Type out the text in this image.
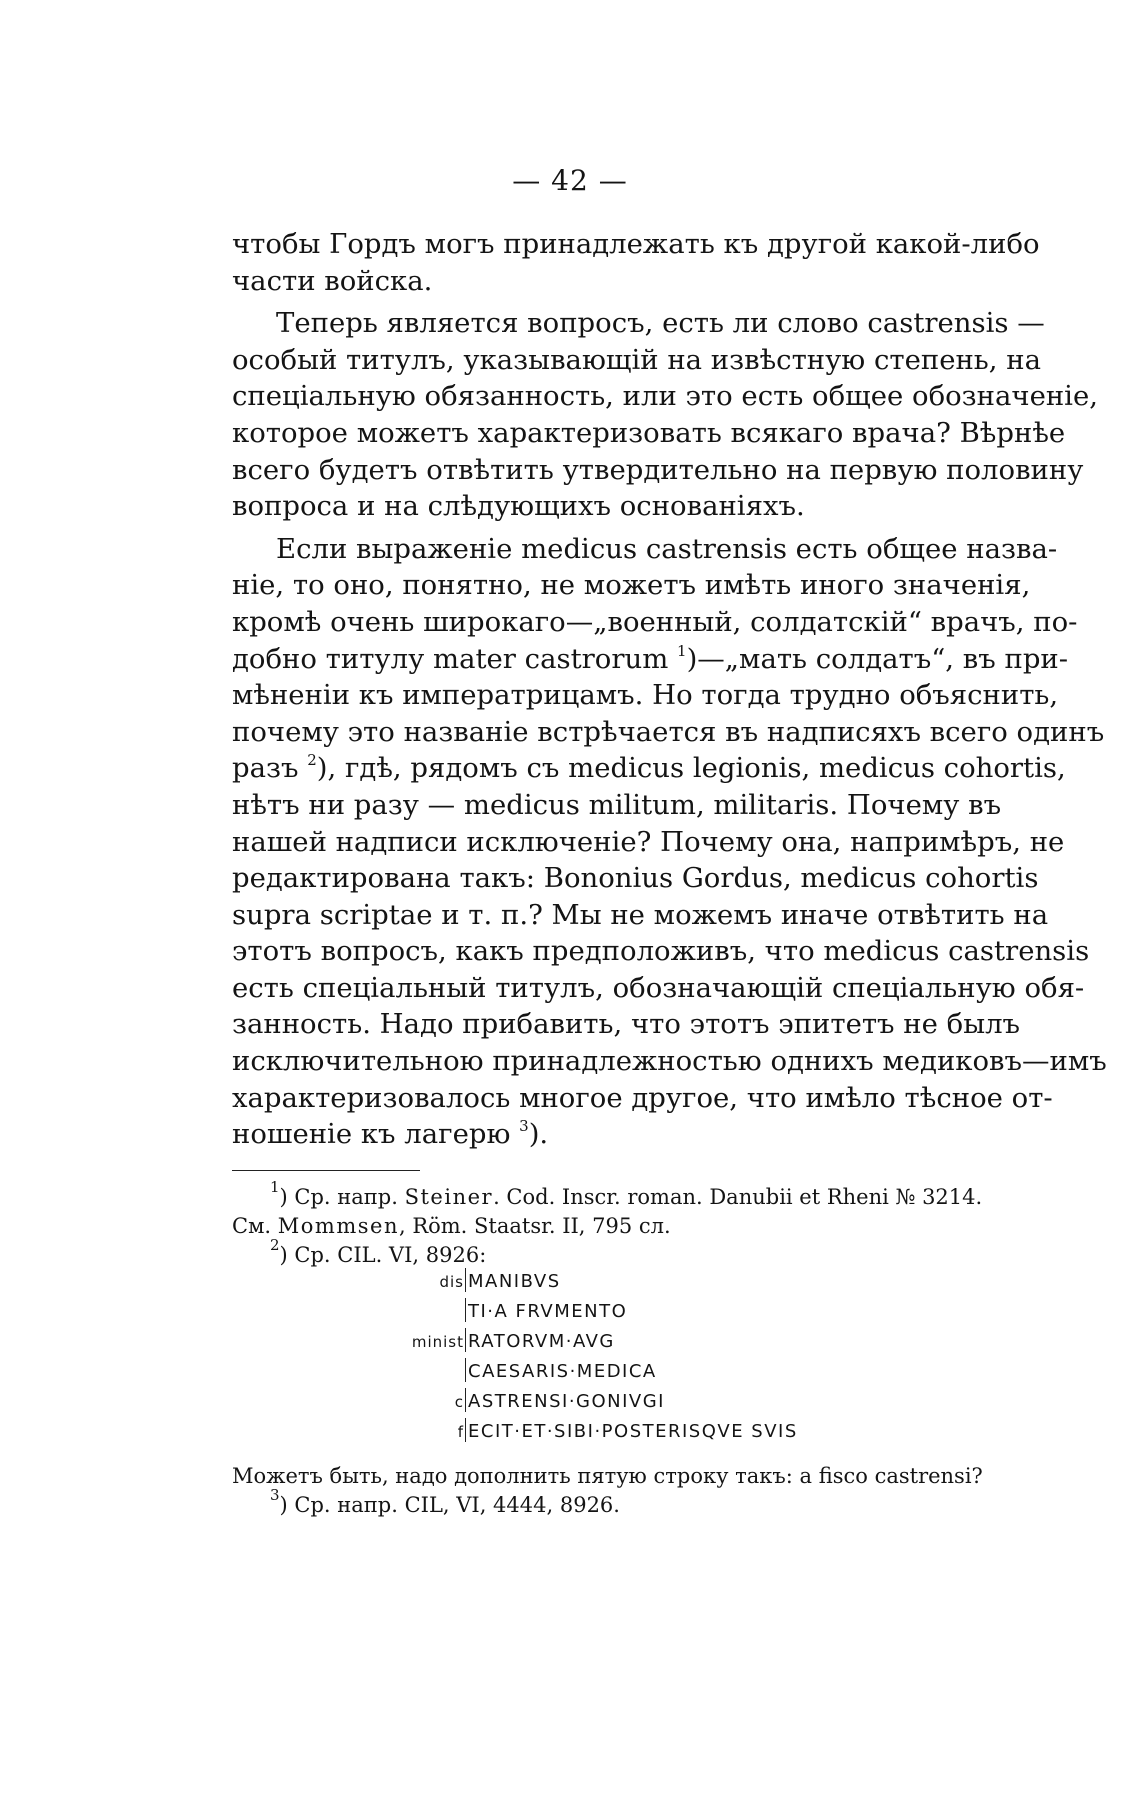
— 42 —
чтобы Гордъ могъ принадлежать къ другой какой-либо
части войска.
Теперь является вопросъ, есть ли слово castrensis —
особый титулъ, указывающій на извѣстную степень, на
спеціальную обязанность, или это есть общее обозначеніе,
которое можетъ характеризовать всякаго врача? Вѣрнѣе
всего будетъ отвѣтить утвердительно на первую половину
вопроса и на слѣдующихъ основаніяхъ.
Если выраженіе medicus castrensis есть общее назва-
ніе, то оно, понятно, не можетъ имѣть иного значенія,
кромѣ очень широкаго—„военный, солдатскій“ врачъ, по-
добно титулу mater castrorum $^1$)—„мать солдатъ“, въ при-
мѣненіи къ императрицамъ. Но тогда трудно объяснить,
почему это названіе встрѣчается въ надписяхъ всего одинъ
разъ $^2$), гдѣ, рядомъ съ medicus legionis, medicus cohortis,
нѣтъ ни разу — medicus militum, militaris. Почему въ
нашей надписи исключеніе? Почему она, напримѣръ, не
редактирована такъ: Bononius Gordus, medicus cohortis
supra scriptae и т. п.? Мы не можемъ иначе отвѣтить на
этотъ вопросъ, какъ предположивъ, что medicus castrensis
есть спеціальный титулъ, обозначающій спеціальную обя-
занность. Надо прибавить, что этотъ эпитетъ не былъ
исключительною принадлежностью однихъ медиковъ—имъ
характеризовалось многое другое, что имѣло тѣсное от-
ношеніе къ лагерю $^3$).
$^1$) Ср. напр. Steiner. Cod. Inscr. roman. Danubii et Rheni № 3214.
См. Mommsen, Röm. Staatsr. II, 795 сл.
$^2$) Ср. CIL. VI, 8926:
dis MANIBVS
TI·A FRVMENTO
minist RATORVM·AVG
CAESARIS·MEDICA
c ASTRENSI·GONIVGI
f ECIT·ET·SIBI·POSTERISQVE SVIS
Можетъ быть, надо дополнить пятую строку такъ: a fisco castrensi?
$^3$) Ср. напр. CIL, VI, 4444, 8926.
